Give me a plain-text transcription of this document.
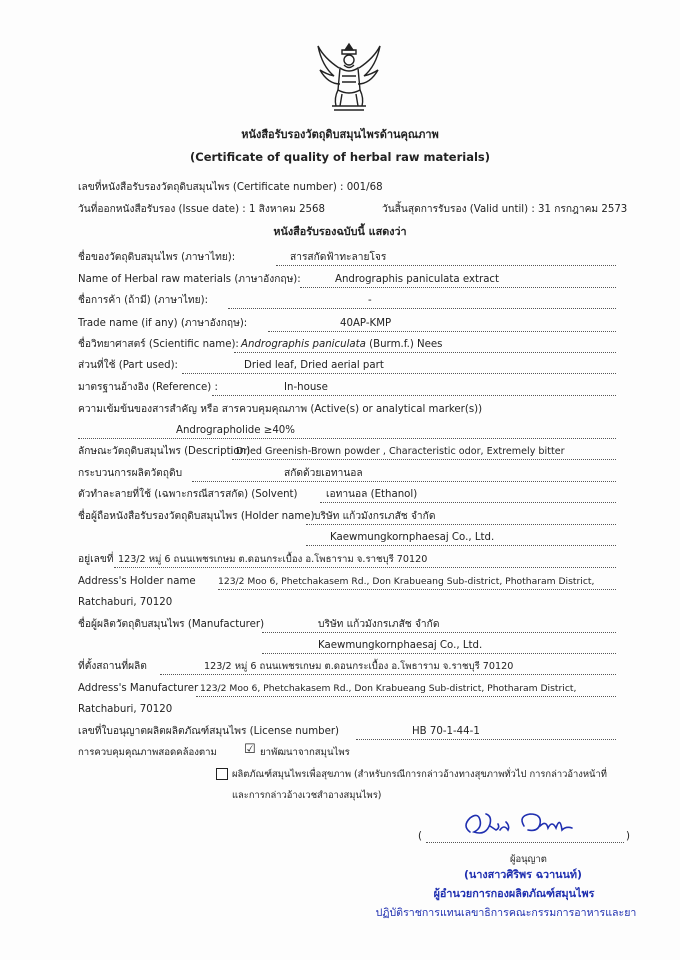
หนังสือรับรองวัตถุดิบสมุนไพรด้านคุณภาพ
(Certificate of quality of herbal raw materials)
เลขที่หนังสือรับรองวัตถุดิบสมุนไพร (Certificate number) : 001/68
วันที่ออกหนังสือรับรอง (Issue date) : 1 สิงหาคม 2568	วันสิ้นสุดการรับรอง (Valid until) : 31 กรกฎาคม 2573
หนังสือรับรองฉบับนี้ แสดงว่า
ชื่อของวัตถุดิบสมุนไพร (ภาษาไทย):	สารสกัดฟ้าทะลายโจร
Name of Herbal raw materials (ภาษาอังกฤษ):	Andrographis paniculata extract
ชื่อการค้า (ถ้ามี) (ภาษาไทย):	-
Trade name (if any) (ภาษาอังกฤษ):	40AP-KMP
ชื่อวิทยาศาสตร์ (Scientific name): Andrographis paniculata (Burm.f.) Nees
ส่วนที่ใช้ (Part used):	Dried leaf, Dried aerial part
มาตรฐานอ้างอิง (Reference) :	In-house
ความเข้มข้นของสารสำคัญ หรือ สารควบคุมคุณภาพ (Active(s) or analytical marker(s))
Andrographolide ≥40%
ลักษณะวัตถุดิบสมุนไพร (Description)
Dried Greenish-Brown powder , Characteristic odor, Extremely bitter
กระบวนการผลิตวัตถุดิบ	สกัดด้วยเอทานอล
ตัวทำละลายที่ใช้ (เฉพาะกรณีสารสกัด) (Solvent)	เอทานอล (Ethanol)
ชื่อผู้ถือหนังสือรับรองวัตถุดิบสมุนไพร (Holder name) บริษัท แก้วมังกรเภสัช จำกัด
Kaewmungkornphaesaj Co., Ltd.
อยู่เลขที่ 123/2 หมู่ 6 ถนนเพชรเกษม ต.ดอนกระเบื้อง อ.โพธาราม จ.ราชบุรี 70120
Address's Holder name 123/2 Moo 6, Phetchakasem Rd., Don Krabueang Sub-district, Photharam District,
Ratchaburi, 70120
ชื่อผู้ผลิตวัตถุดิบสมุนไพร (Manufacturer)	บริษัท แก้วมังกรเภสัช จำกัด
Kaewmungkornphaesaj Co., Ltd.
ที่ตั้งสถานที่ผลิต	123/2 หมู่ 6 ถนนเพชรเกษม ต.ดอนกระเบื้อง อ.โพธาราม จ.ราชบุรี 70120
Address's Manufacturer 123/2 Moo 6, Phetchakasem Rd., Don Krabueang Sub-district, Photharam District,
Ratchaburi, 70120
เลขที่ใบอนุญาตผลิตผลิตภัณฑ์สมุนไพร (License number)	HB 70-1-44-1
การควบคุมคุณภาพสอดคล้องตาม ☑ ยาพัฒนาจากสมุนไพร
ผลิตภัณฑ์สมุนไพรเพื่อสุขภาพ (สำหรับกรณีการกล่าวอ้างทางสุขภาพทั่วไป การกล่าวอ้างหน้าที่
และการกล่าวอ้างเวชสำอางสมุนไพร)
(	)
ผู้อนุญาต
(นางสาวศิริพร ฉวานนท์)
ผู้อำนวยการกองผลิตภัณฑ์สมุนไพร
ปฏิบัติราชการแทนเลขาธิการคณะกรรมการอาหารและยา
